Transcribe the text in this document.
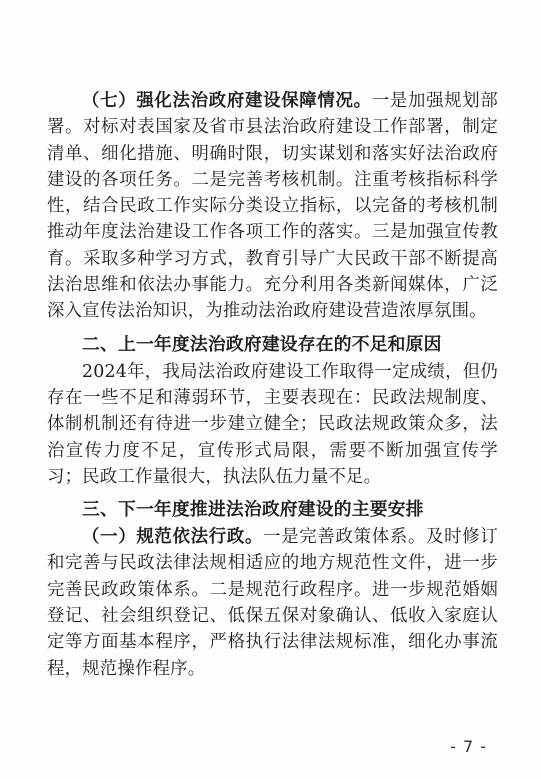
（七）强化法治政府建设保障情况。一是加强规划部署。对标对表国家及省市县法治政府建设工作部署，制定清单、细化措施、明确时限，切实谋划和落实好法治政府建设的各项任务。二是完善考核机制。注重考核指标科学性，结合民政工作实际分类设立指标，以完备的考核机制推动年度法治建设工作各项工作的落实。三是加强宣传教育。采取多种学习方式，教育引导广大民政干部不断提高法治思维和依法办事能力。充分利用各类新闻媒体，广泛深入宣传法治知识，为推动法治政府建设营造浓厚氛围。

二、上一年度法治政府建设存在的不足和原因

2024年，我局法治政府建设工作取得一定成绩，但仍存在一些不足和薄弱环节，主要表现在：民政法规制度、体制机制还有待进一步建立健全；民政法规政策众多，法治宣传力度不足，宣传形式局限，需要不断加强宣传学习；民政工作量很大，执法队伍力量不足。

三、下一年度推进法治政府建设的主要安排

（一）规范依法行政。一是完善政策体系。及时修订和完善与民政法律法规相适应的地方规范性文件，进一步完善民政政策体系。二是规范行政程序。进一步规范婚姻登记、社会组织登记、低保五保对象确认、低收入家庭认定等方面基本程序，严格执行法律法规标准，细化办事流程，规范操作程序。

- 7 -
